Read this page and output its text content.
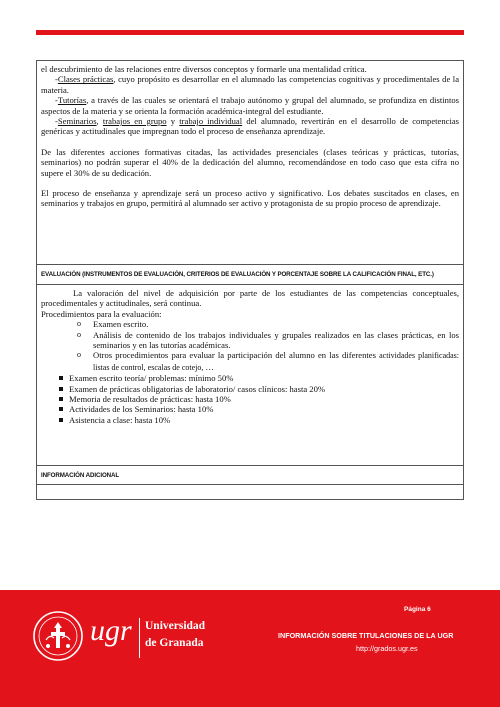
el descubrimiento de las relaciones entre diversos conceptos y formarle una mentalidad crítica.

-Clases prácticas, cuyo propósito es desarrollar en el alumnado las competencias cognitivas y procedimentales de la materia.

-Tutorías, a través de las cuales se orientará el trabajo autónomo y grupal del alumnado, se profundiza en distintos aspectos de la materia y se orienta la formación académica-integral del estudiante.

-Seminarios, trabajos en grupo y trabajo individual del alumnado, revertirán en el desarrollo de competencias genéricas y actitudinales que impregnan todo el proceso de enseñanza aprendizaje.

De las diferentes acciones formativas citadas, las actividades presenciales (clases teóricas y prácticas, tutorías, seminarios) no podrán superar el 40% de la dedicación del alumno, recomendándose en todo caso que esta cifra no supere el 30% de su dedicación.

El proceso de enseñanza y aprendizaje será un proceso activo y significativo. Los debates suscitados en clases, en seminarios y trabajos en grupo, permitirá al alumnado ser activo y protagonista de su propio proceso de aprendizaje.

EVALUACIÓN (INSTRUMENTOS DE EVALUACIÓN, CRITERIOS DE EVALUACIÓN Y PORCENTAJE SOBRE LA CALIFICACIÓN FINAL, ETC.)

La valoración del nivel de adquisición por parte de los estudiantes de las competencias conceptuales, procedimentales y actitudinales, será continua.

Procedimientos para la evaluación:

o Examen escrito.
o Análisis de contenido de los trabajos individuales y grupales realizados en las clases prácticas, en los seminarios y en las tutorías académicas.
o Otros procedimientos para evaluar la participación del alumno en las diferentes actividades planificadas: listas de control, escalas de cotejo, …
Examen escrito teoría/ problemas: mínimo 50%
Examen de prácticas obligatorias de laboratorio/ casos clínicos: hasta 20%
Memoria de resultados de prácticas: hasta 10%
Actividades de los Seminarios: hasta 10%
Asistencia a clase: hasta 10%
INFORMACIÓN ADICIONAL
ugr Universidad
de Granada
Página 6
INFORMACIÓN SOBRE TITULACIONES DE LA UGR
http://grados.ugr.es
